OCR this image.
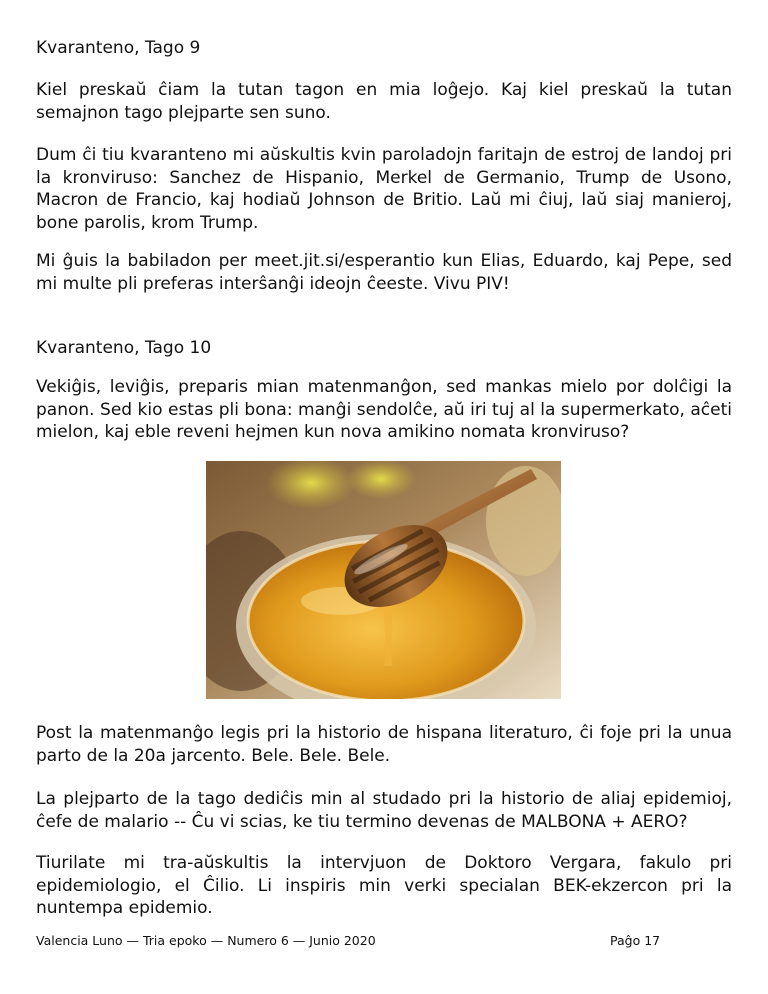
Kvaranteno, Tago 9

Kiel preskaŭ ĉiam la tutan tagon en mia loĝejo. Kaj kiel preskaŭ la tutan semajnon tago plejparte sen suno.

Dum ĉi tiu kvaranteno mi aŭskultis kvin paroladojn faritajn de estroj de landoj pri la kronviruso: Sanchez de Hispanio, Merkel de Germanio, Trump de Usono, Macron de Francio, kaj hodiaŭ Johnson de Britio. Laŭ mi ĉiuj, laŭ siaj manieroj, bone parolis, krom Trump.

Mi ĝuis la babiladon per meet.jit.si/esperantio kun Elias, Eduardo, kaj Pepe, sed mi multe pli preferas interŝanĝi ideojn ĉeeste. Vivu PIV!

Kvaranteno, Tago 10

Vekiĝis, leviĝis, preparis mian matenmanĝon, sed mankas mielo por dolĉigi la panon. Sed kio estas pli bona: manĝi sendolĉe, aŭ iri tuj al la supermerkato, aĉeti mielon, kaj eble reveni hejmen kun nova amikino nomata kronviruso?

Post la matenmanĝo legis pri la historio de hispana literaturo, ĉi foje pri la unua parto de la 20a jarcento. Bele. Bele. Bele.

La plejparto de la tago dediĉis min al studado pri la historio de aliaj epidemioj, ĉefe de malario -- Ĉu vi scias, ke tiu termino devenas de MALBONA + AERO?

Tiurilate mi tra-aŭskultis la intervjuon de Doktoro Vergara, fakulo pri epidemiologio, el Ĉilio. Li inspiris min verki specialan BEK-ekzercon pri la nuntempa epidemio.

Valencia Luno — Tria epoko — Numero 6 — Junio 2020	Paĝo 17
